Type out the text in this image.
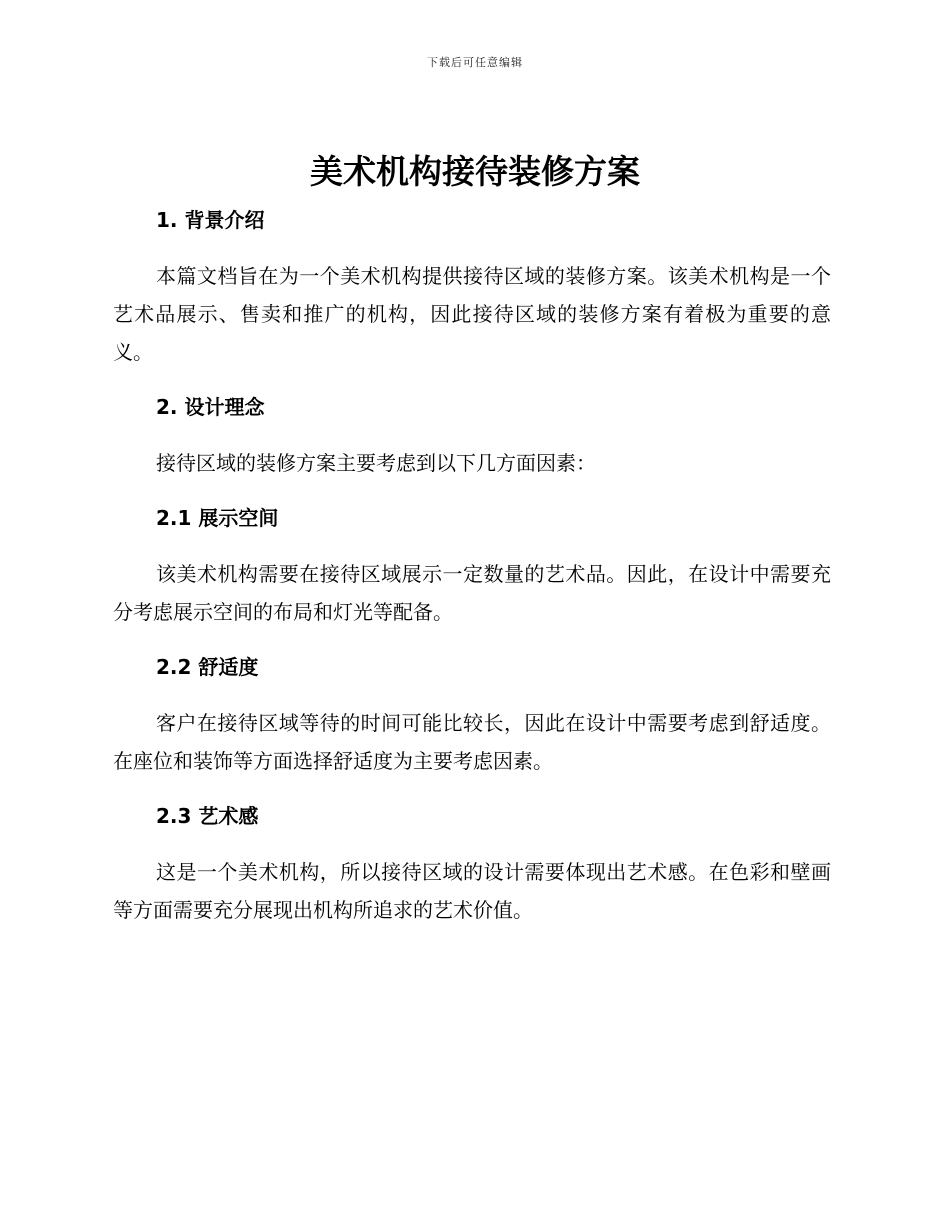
下载后可任意编辑
美术机构接待装修方案
1. 背景介绍

本篇文档旨在为一个美术机构提供接待区域的装修方案。该美术机构是一个艺术品展示、售卖和推广的机构，因此接待区域的装修方案有着极为重要的意义。

2. 设计理念

接待区域的装修方案主要考虑到以下几方面因素：

2.1 展示空间

该美术机构需要在接待区域展示一定数量的艺术品。因此，在设计中需要充分考虑展示空间的布局和灯光等配备。

2.2 舒适度

客户在接待区域等待的时间可能比较长，因此在设计中需要考虑到舒适度。在座位和装饰等方面选择舒适度为主要考虑因素。

2.3 艺术感

这是一个美术机构，所以接待区域的设计需要体现出艺术感。在色彩和壁画等方面需要充分展现出机构所追求的艺术价值。
